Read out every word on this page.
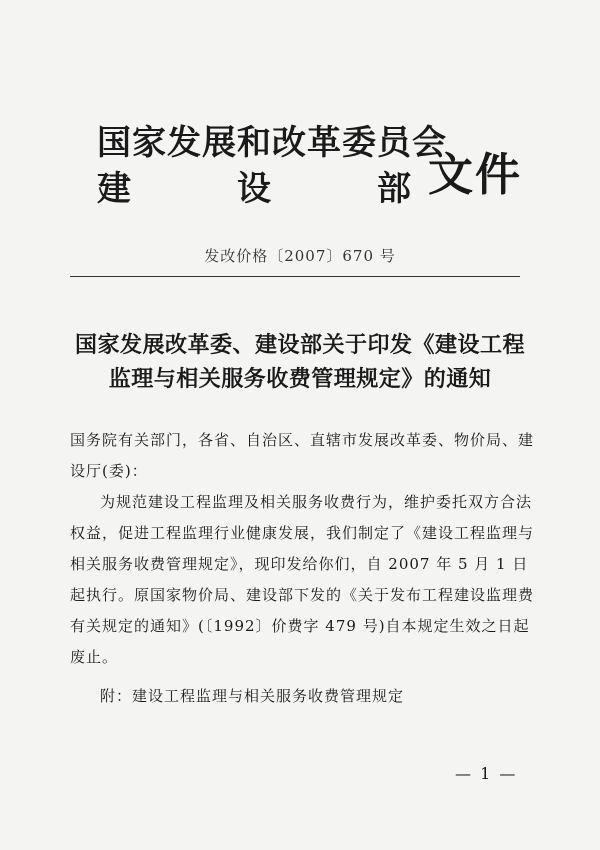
国家发展和改革委员会
建	设	部 文件
发改价格〔2007〕670 号
国家发展改革委、建设部关于印发《建设工程
监理与相关服务收费管理规定》的通知

国务院有关部门，各省、自治区、直辖市发展改革委、物价局、建设厅(委)：

为规范建设工程监理及相关服务收费行为，维护委托双方合法权益，促进工程监理行业健康发展，我们制定了《建设工程监理与相关服务收费管理规定》，现印发给你们，自 2007 年 5 月 1 日起执行。原国家物价局、建设部下发的《关于发布工程建设监理费有关规定的通知》(〔1992〕价费字 479 号)自本规定生效之日起废止。

附：建设工程监理与相关服务收费管理规定

— 1 —
